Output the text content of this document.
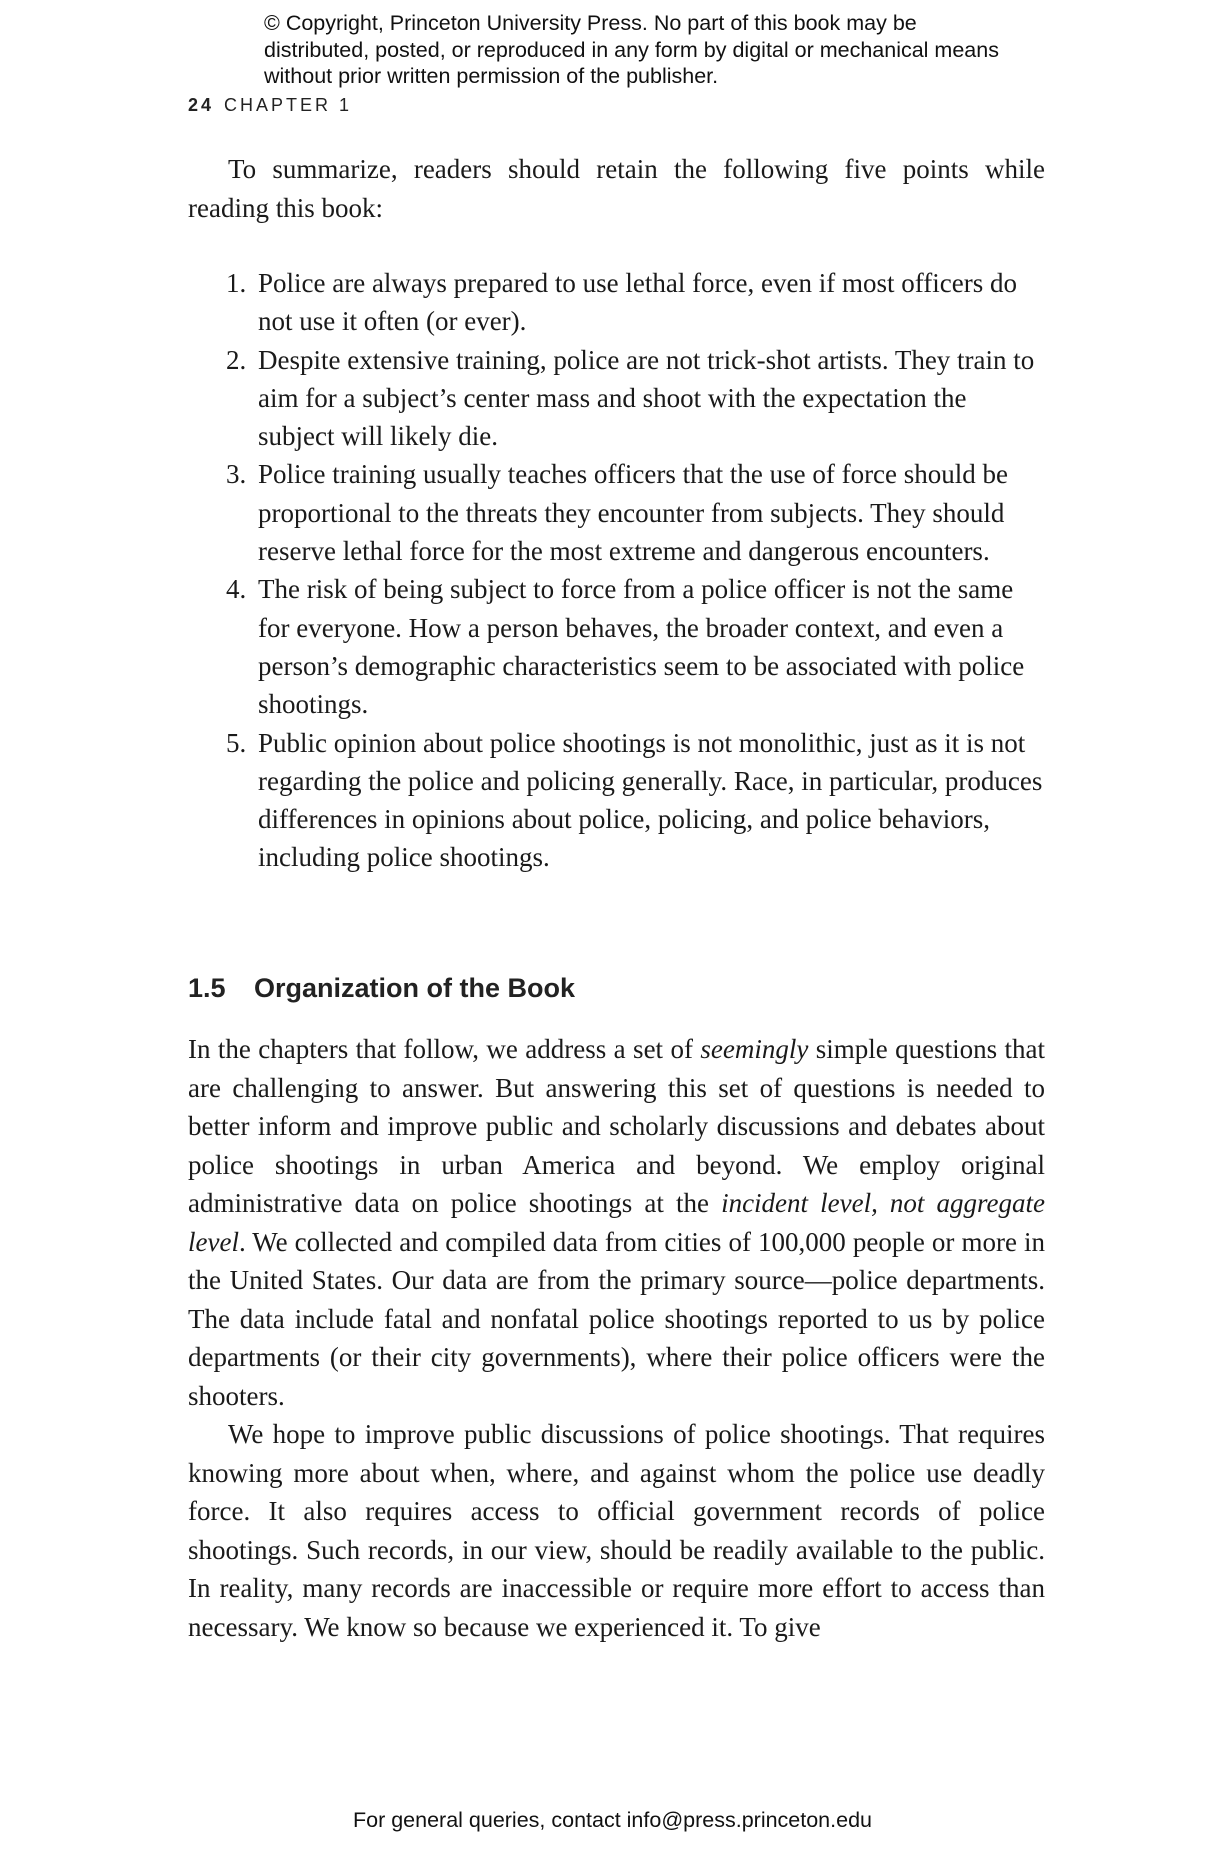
© Copyright, Princeton University Press. No part of this book may be distributed, posted, or reproduced in any form by digital or mechanical means without prior written permission of the publisher.
24 CHAPTER 1

To summarize, readers should retain the following five points while reading this book:

1. Police are always prepared to use lethal force, even if most officers do not use it often (or ever).
2. Despite extensive training, police are not trick-shot artists. They train to aim for a subject’s center mass and shoot with the expectation the subject will likely die.
3. Police training usually teaches officers that the use of force should be proportional to the threats they encounter from subjects. They should reserve lethal force for the most extreme and dangerous encounters.
4. The risk of being subject to force from a police officer is not the same for everyone. How a person behaves, the broader context, and even a person’s demographic characteristics seem to be associated with police shootings.
5. Public opinion about police shootings is not monolithic, just as it is not regarding the police and policing generally. Race, in particular, produces differences in opinions about police, policing, and police behaviors, including police shootings.
1.5 Organization of the Book

In the chapters that follow, we address a set of seemingly simple questions that are challenging to answer. But answering this set of questions is needed to better inform and improve public and scholarly discussions and debates about police shootings in urban America and beyond. We employ original administrative data on police shootings at the incident level, not aggregate level. We collected and compiled data from cities of 100,000 people or more in the United States. Our data are from the primary source—police departments. The data include fatal and nonfatal police shootings reported to us by police departments (or their city governments), where their police officers were the shooters.

We hope to improve public discussions of police shootings. That requires knowing more about when, where, and against whom the police use deadly force. It also requires access to official government records of police shootings. Such records, in our view, should be readily available to the public. In reality, many records are inaccessible or require more effort to access than necessary. We know so because we experienced it. To give

For general queries, contact info@press.princeton.edu
